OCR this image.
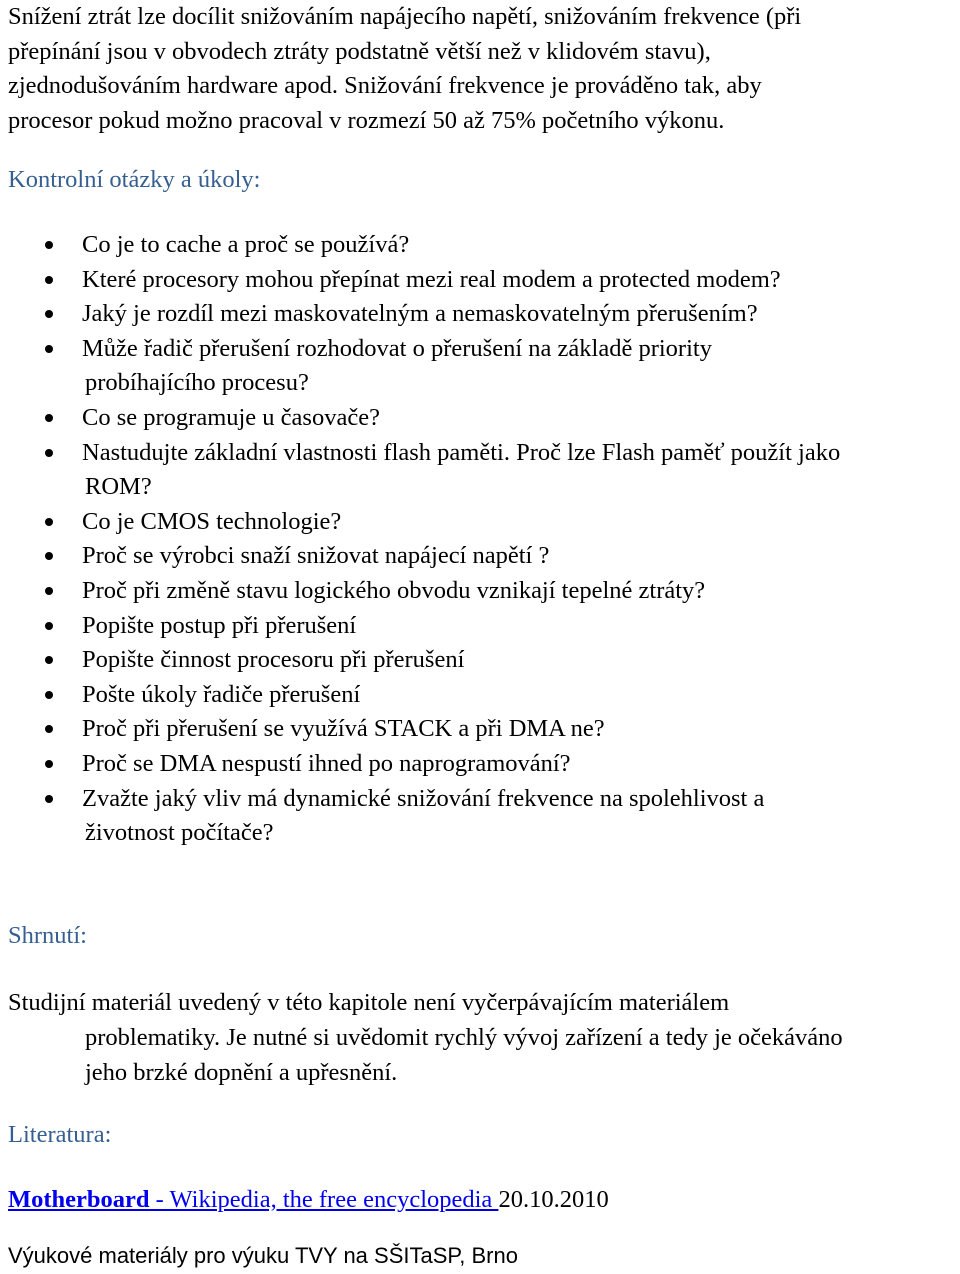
Snížení ztrát lze docílit snižováním napájecího napětí, snižováním frekvence (při
přepínání jsou v obvodech ztráty podstatně větší než v klidovém stavu),
zjednodušováním hardware apod. Snižování frekvence je prováděno tak, aby
procesor pokud možno pracoval v rozmezí 50 až 75% početního výkonu.

Kontrolní otázky a úkoly:
Co je to cache a proč se používá?
Které procesory mohou přepínat mezi real modem a protected modem?
Jaký je rozdíl mezi maskovatelným a nemaskovatelným přerušením?
Může řadič přerušení rozhodovat o přerušení na základě priority
probíhajícího procesu?
Co se programuje u časovače?
Nastudujte základní vlastnosti flash paměti. Proč lze Flash paměť použít jako
ROM?
Co je CMOS technologie?
Proč se výrobci snaží snižovat napájecí napětí ?
Proč při změně stavu logického obvodu vznikají tepelné ztráty?
Popište postup při přerušení
Popište činnost procesoru při přerušení
Pošte úkoly řadiče přerušení
Proč při přerušení se využívá STACK a při DMA ne?
Proč se DMA nespustí ihned po naprogramování?
Zvažte jaký vliv má dynamické snižování frekvence na spolehlivost a
životnost počítače?
Shrnutí:

Studijní materiál uvedený v této kapitole není vyčerpávajícím materiálem
problematiky. Je nutné si uvědomit rychlý vývoj zařízení a tedy je očekáváno
jeho brzké dopnění a upřesnění.

Literatura:

Motherboard - Wikipedia, the free encyclopedia 20.10.2010

Výukové materiály pro výuku TVY na SŠITaSP, Brno
